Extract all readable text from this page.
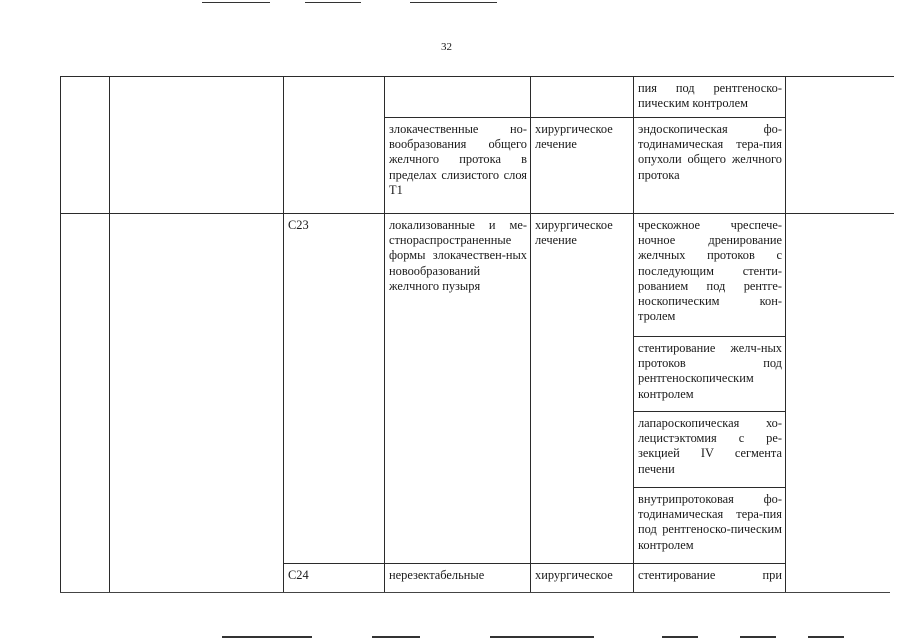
32
					пия под рентгеноско-пическим контролем	
			злокачественные но-вообразования общего желчного протока в пределах слизистого слоя T1	хирургическое лечение	эндоскопическая фо-тодинамическая тера-пия опухоли общего желчного протока	
		C23	локализованные и ме-стнораспространенные формы злокачествен-ных новообразований желчного пузыря	хирургическое лечение	чрескожное чреспече-ночное дренирование желчных протоков с последующим стенти-рованием под рентге-носкопическим кон-тролем	
					стентирование желч-ных протоков под рентгеноскопическим контролем	
					лапароскопическая хо-лецистэктомия с ре-зекцией IV сегмента печени	
					внутрипротоковая фо-тодинамическая тера-пия под рентгеноско-пическим контролем	
		C24	нерезектабельные	хирургическое	стентирование при	
